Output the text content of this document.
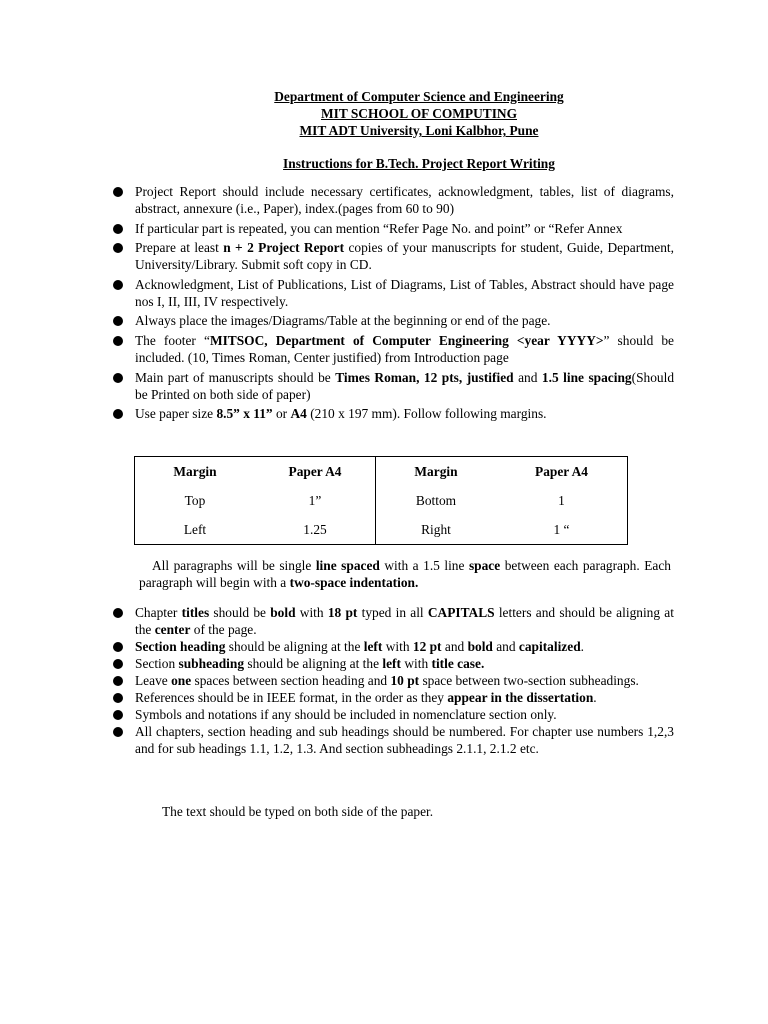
Department of Computer Science and Engineering
MIT SCHOOL OF COMPUTING
MIT ADT University, Loni Kalbhor, Pune
Instructions for B.Tech. Project Report Writing
Project Report should include necessary certificates, acknowledgment, tables, list of diagrams, abstract, annexure (i.e., Paper), index.(pages from 60 to 90)
If particular part is repeated, you can mention “Refer Page No. and point” or “Refer Annex
Prepare at least n + 2 Project Report copies of your manuscripts for student, Guide, Department, University/Library. Submit soft copy in CD.
Acknowledgment, List of Publications, List of Diagrams, List of Tables, Abstract should have page nos I, II, III, IV respectively.
Always place the images/Diagrams/Table at the beginning or end of the page.
The footer “MITSOC, Department of Computer Engineering <year YYYY>” should be included. (10, Times Roman, Center justified) from Introduction page
Main part of manuscripts should be Times Roman, 12 pts, justified and 1.5 line spacing(Should be Printed on both side of paper)
Use paper size 8.5” x 11” or A4 (210 x 197 mm). Follow following margins.
Margin	Paper A4	Margin	Paper A4
Top	1”	Bottom	1
Left	1.25	Right	1 “
All paragraphs will be single line spaced with a 1.5 line space between each paragraph. Each paragraph will begin with a two-space indentation.
Chapter titles should be bold with 18 pt typed in all CAPITALS letters and should be aligning at the center of the page.
Section heading should be aligning at the left with 12 pt and bold and capitalized.
Section subheading should be aligning at the left with title case.
Leave one spaces between section heading and 10 pt space between two-section subheadings.
References should be in IEEE format, in the order as they appear in the dissertation.
Symbols and notations if any should be included in nomenclature section only.
All chapters, section heading and sub headings should be numbered. For chapter use numbers 1,2,3 and for sub headings 1.1, 1.2, 1.3. And section subheadings 2.1.1, 2.1.2 etc.
The text should be typed on both side of the paper.
